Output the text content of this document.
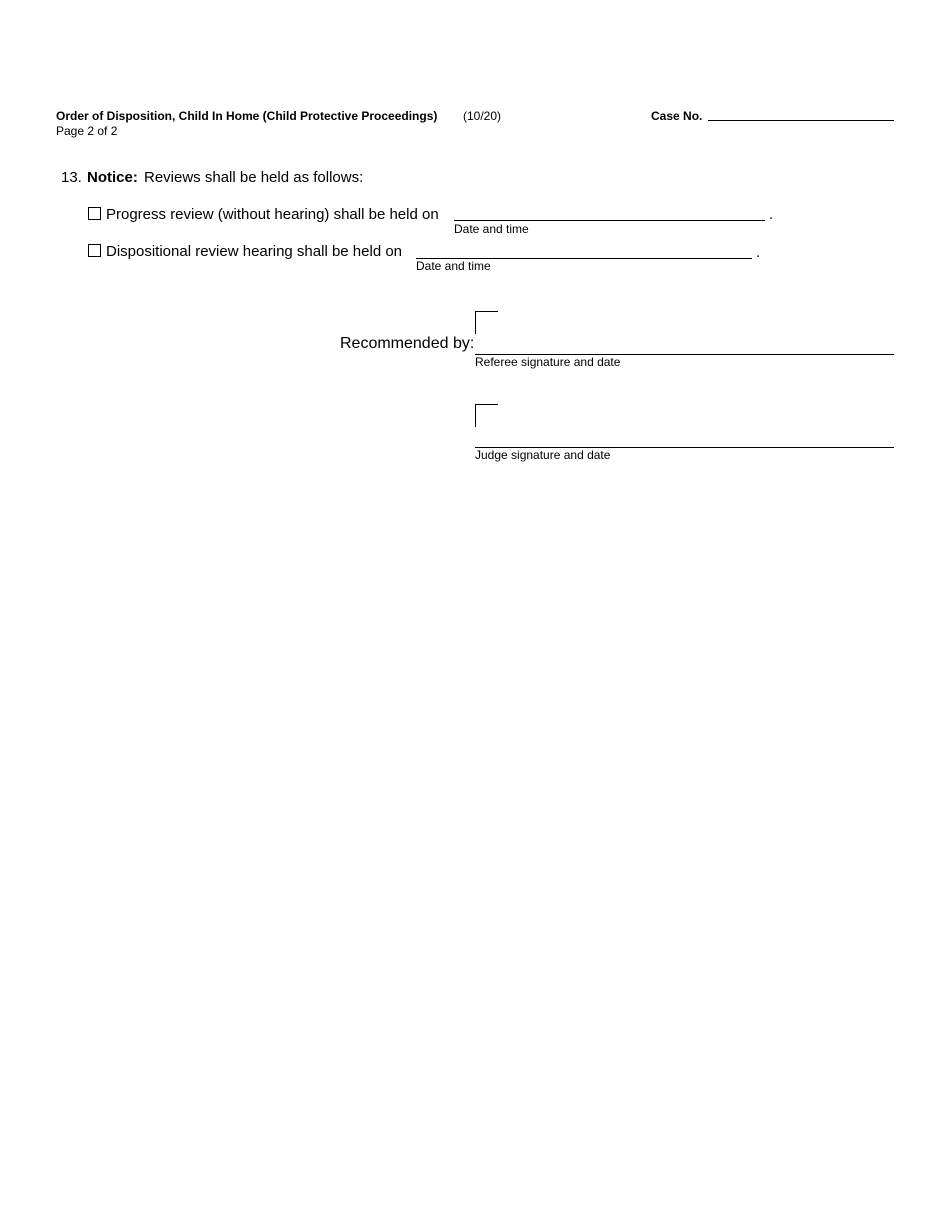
Order of Disposition, Child In Home (Child Protective Proceedings) (10/20)
Page 2 of 2
Case No.
13. Notice: Reviews shall be held as follows:
Progress review (without hearing) shall be held on	.
Date and time
Dispositional review hearing shall be held on	.
Date and time
Recommended by:
Referee signature and date
Judge signature and date
